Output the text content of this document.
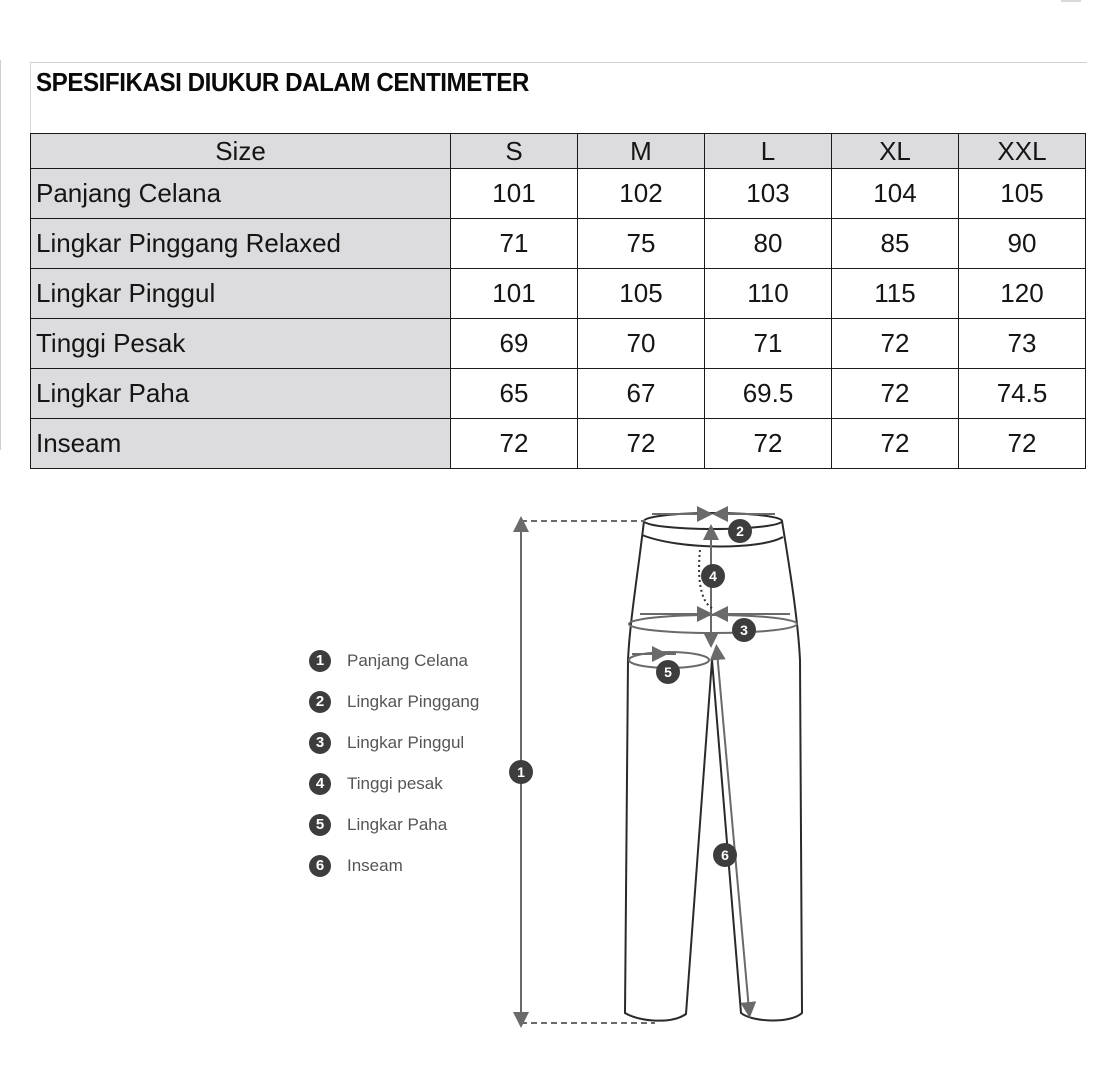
SPESIFIKASI DIUKUR DALAM CENTIMETER
Size	S	M	L	XL	XXL
Panjang Celana	101	102	103	104	105
Lingkar Pinggang Relaxed	71	75	80	85	90
Lingkar Pinggul	101	105	110	115	120
Tinggi Pesak	69	70	71	72	73
Lingkar Paha	65	67	69.5	72	74.5
Inseam	72	72	72	72	72
1	Panjang Celana
2	Lingkar Pinggang
3	Lingkar Pinggul
4	Tinggi pesak
5	Lingkar Paha
6	Inseam
1
2
3
4
5
6
